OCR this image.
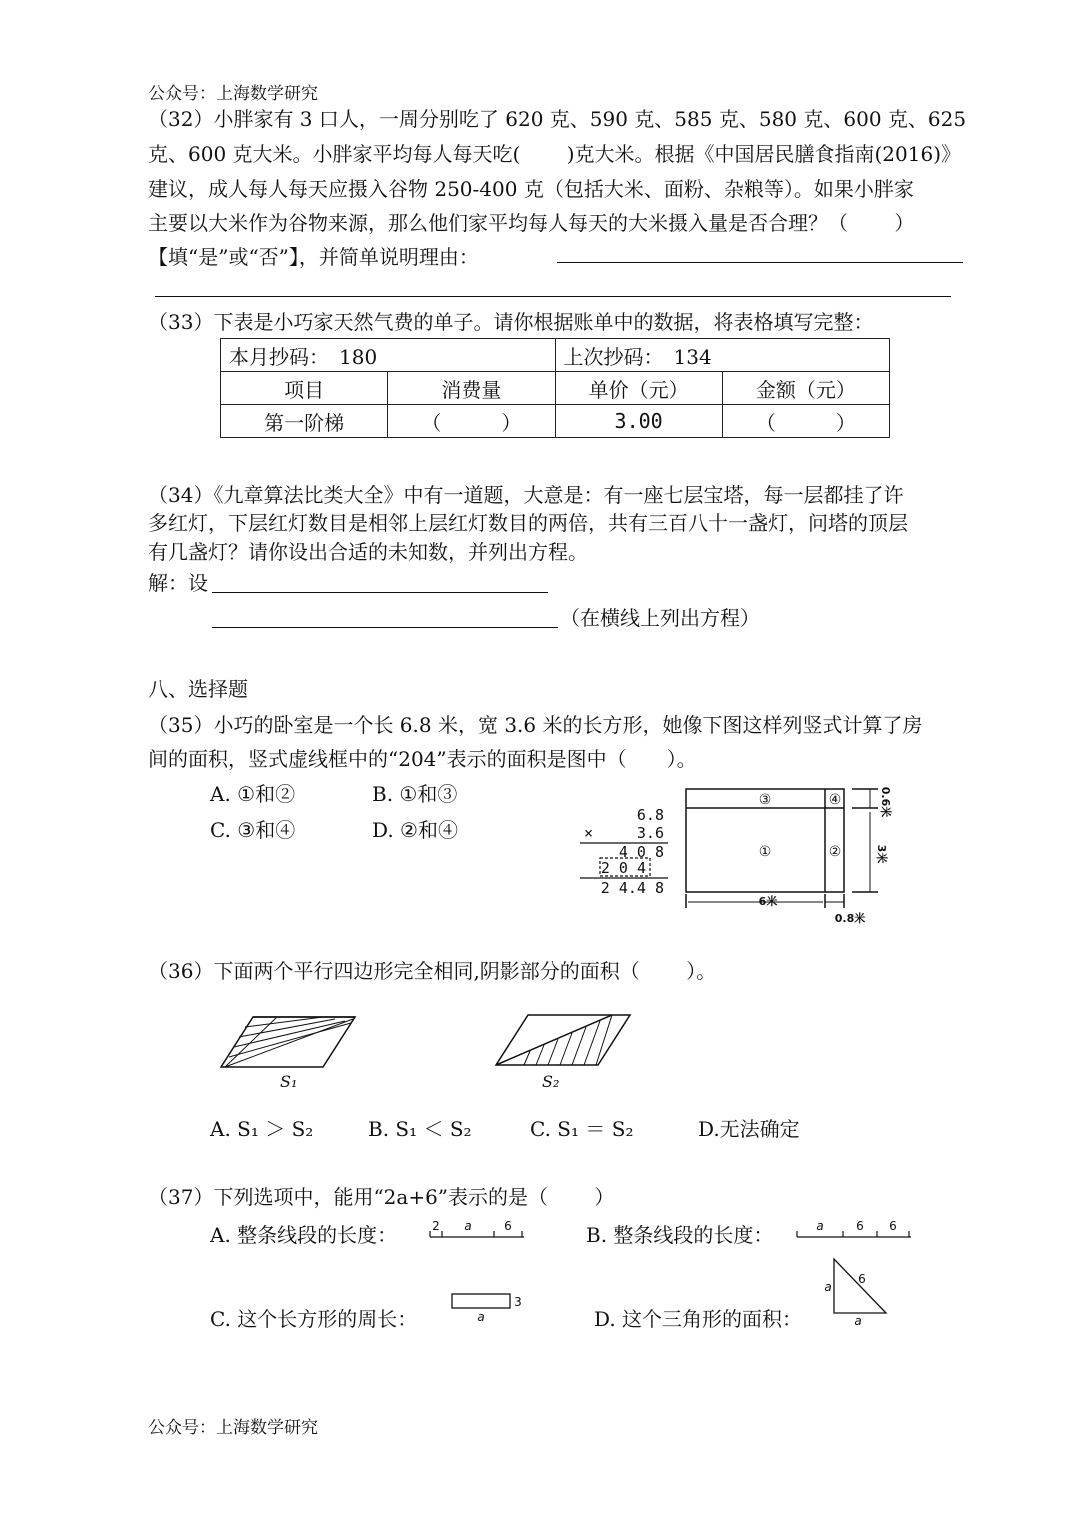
公众号：上海数学研究
（32）小胖家有 3 口人，一周分别吃了 620 克、590 克、585 克、580 克、600 克、625
克、600 克大米。小胖家平均每人每天吃(　　 )克大米。根据《中国居民膳食指南(2016)》
建议，成人每人每天应摄入谷物 250-400 克（包括大米、面粉、杂粮等）。如果小胖家
主要以大米作为谷物来源，那么他们家平均每人每天的大米摄入量是否合理？（　　 ）
【填“是”或“否”】，并简单说明理由：
（33）下表是小巧家天然气费的单子。请你根据账单中的数据，将表格填写完整：
本月抄码：　180		上次抄码：　134	
项目	消费量	单价（元）	金额（元）
第一阶梯	（　　　）	3.00	（　　　）
（34）《九章算法比类大全》中有一道题，大意是：有一座七层宝塔，每一层都挂了许
多红灯，下层红灯数目是相邻上层红灯数目的两倍，共有三百八十一盏灯，问塔的顶层
有几盏灯？请你设出合适的未知数，并列出方程。
解：设
（在横线上列出方程）
八、选择题
（35）小巧的卧室是一个长 6.8 米，宽 3.6 米的长方形，她像下图这样列竖式计算了房
间的面积，竖式虚线框中的“204”表示的面积是图中（　　）。
A. ①和②	B. ①和③
C. ③和④	D. ②和④
6.8
×	3.6
4 0 8
2 0 4
2 4.4 8
③	④
①	②
6米
0.8米
0.6米
3米
（36）下面两个平行四边形完全相同,阴影部分的面积（　　 ）。
S₁	S₂
A. S₁ ＞ S₂	B. S₁ ＜ S₂	C. S₁ ＝ S₂	D.无法确定
（37）下列选项中，能用“2a+6”表示的是（　　 ）
A. 整条线段的长度：	B. 整条线段的长度：
C. 这个长方形的周长：	D. 这个三角形的面积：
2 a	6	a	6 6
3
a
a
6
a
公众号：上海数学研究
